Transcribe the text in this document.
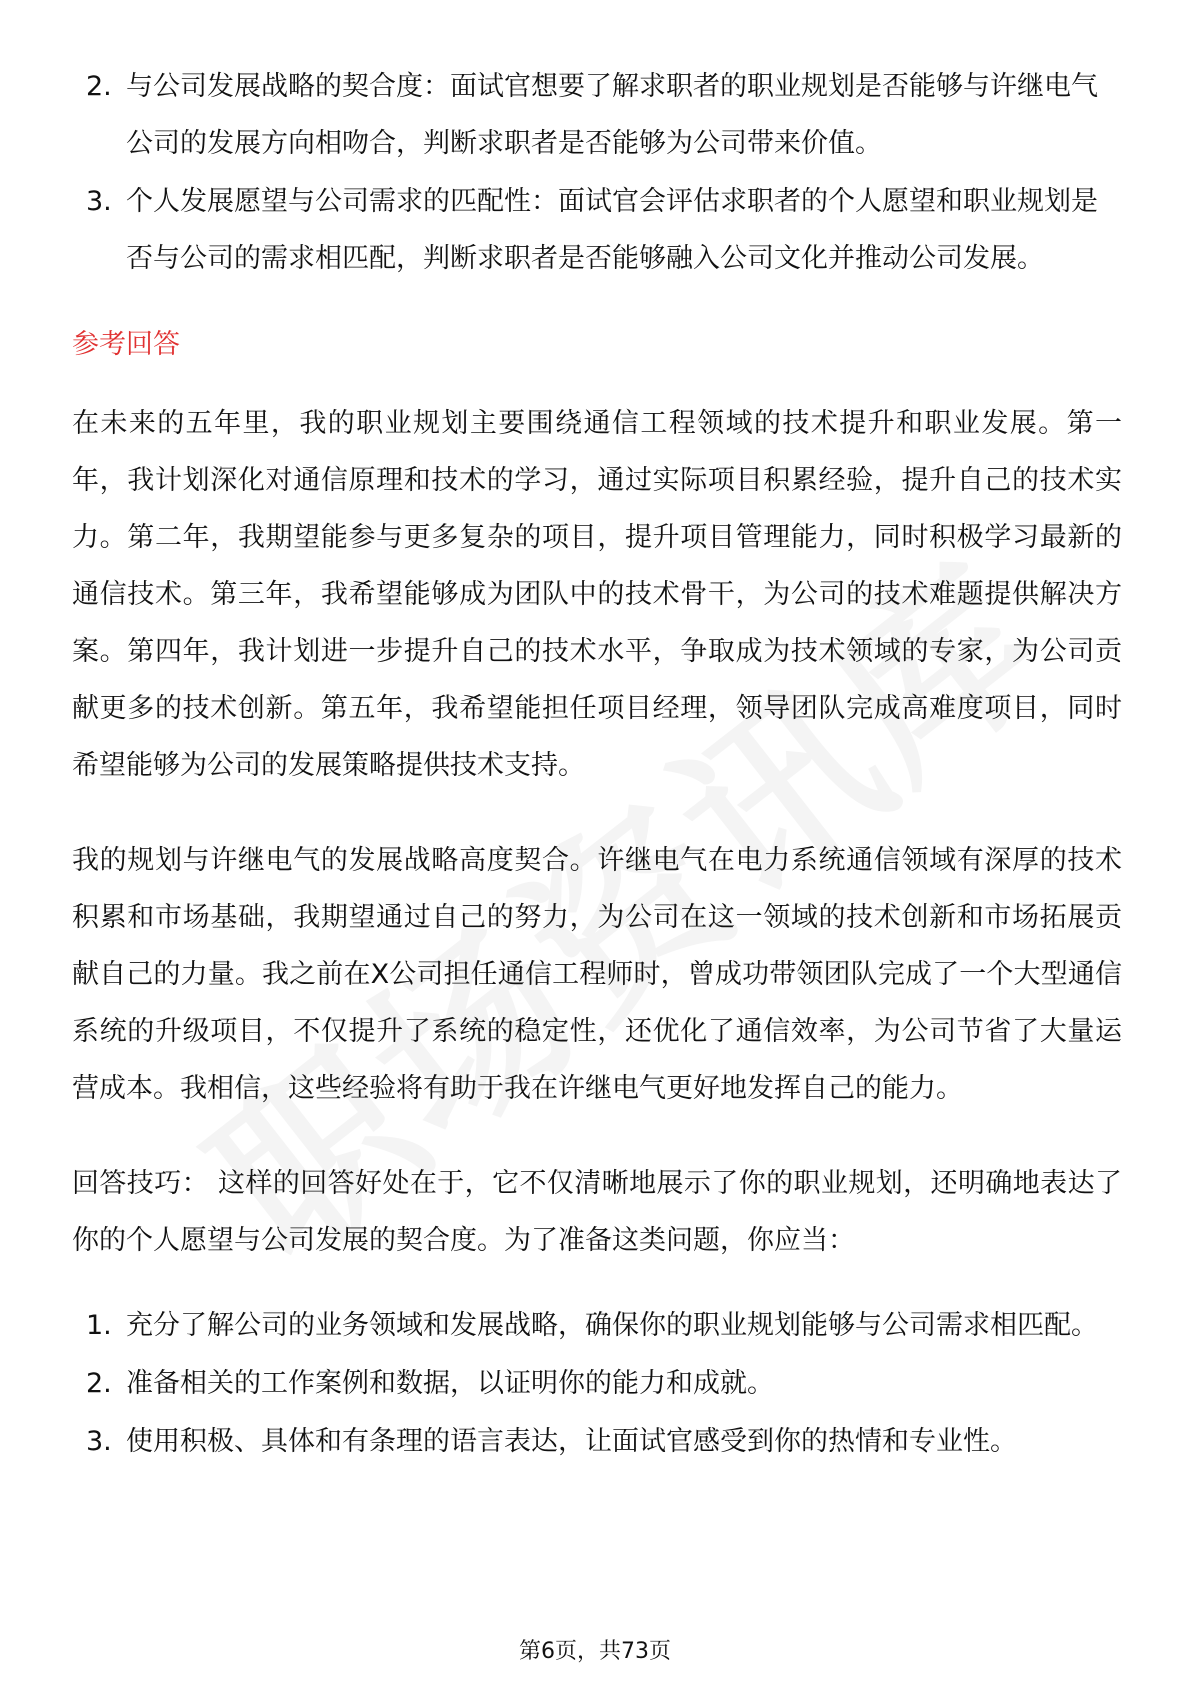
2. 与公司发展战略的契合度：面试官想要了解求职者的职业规划是否能够与许继电气公司的发展方向相吻合，判断求职者是否能够为公司带来价值。
3. 个人发展愿望与公司需求的匹配性：面试官会评估求职者的个人愿望和职业规划是否与公司的需求相匹配，判断求职者是否能够融入公司文化并推动公司发展。
参考回答

在未来的五年里，我的职业规划主要围绕通信工程领域的技术提升和职业发展。第一年，我计划深化对通信原理和技术的学习，通过实际项目积累经验，提升自己的技术实力。第二年，我期望能参与更多复杂的项目，提升项目管理能力，同时积极学习最新的通信技术。第三年，我希望能够成为团队中的技术骨干，为公司的技术难题提供解决方案。第四年，我计划进一步提升自己的技术水平，争取成为技术领域的专家，为公司贡献更多的技术创新。第五年，我希望能担任项目经理，领导团队完成高难度项目，同时希望能够为公司的发展策略提供技术支持。

我的规划与许继电气的发展战略高度契合。许继电气在电力系统通信领域有深厚的技术积累和市场基础，我期望通过自己的努力，为公司在这一领域的技术创新和市场拓展贡献自己的力量。我之前在X公司担任通信工程师时，曾成功带领团队完成了一个大型通信系统的升级项目，不仅提升了系统的稳定性，还优化了通信效率，为公司节省了大量运营成本。我相信，这些经验将有助于我在许继电气更好地发挥自己的能力。

回答技巧： 这样的回答好处在于，它不仅清晰地展示了你的职业规划，还明确地表达了你的个人愿望与公司发展的契合度。为了准备这类问题，你应当：

1. 充分了解公司的业务领域和发展战略，确保你的职业规划能够与公司需求相匹配。
2. 准备相关的工作案例和数据，以证明你的能力和成就。
3. 使用积极、具体和有条理的语言表达，让面试官感受到你的热情和专业性。
第6页，共73页
